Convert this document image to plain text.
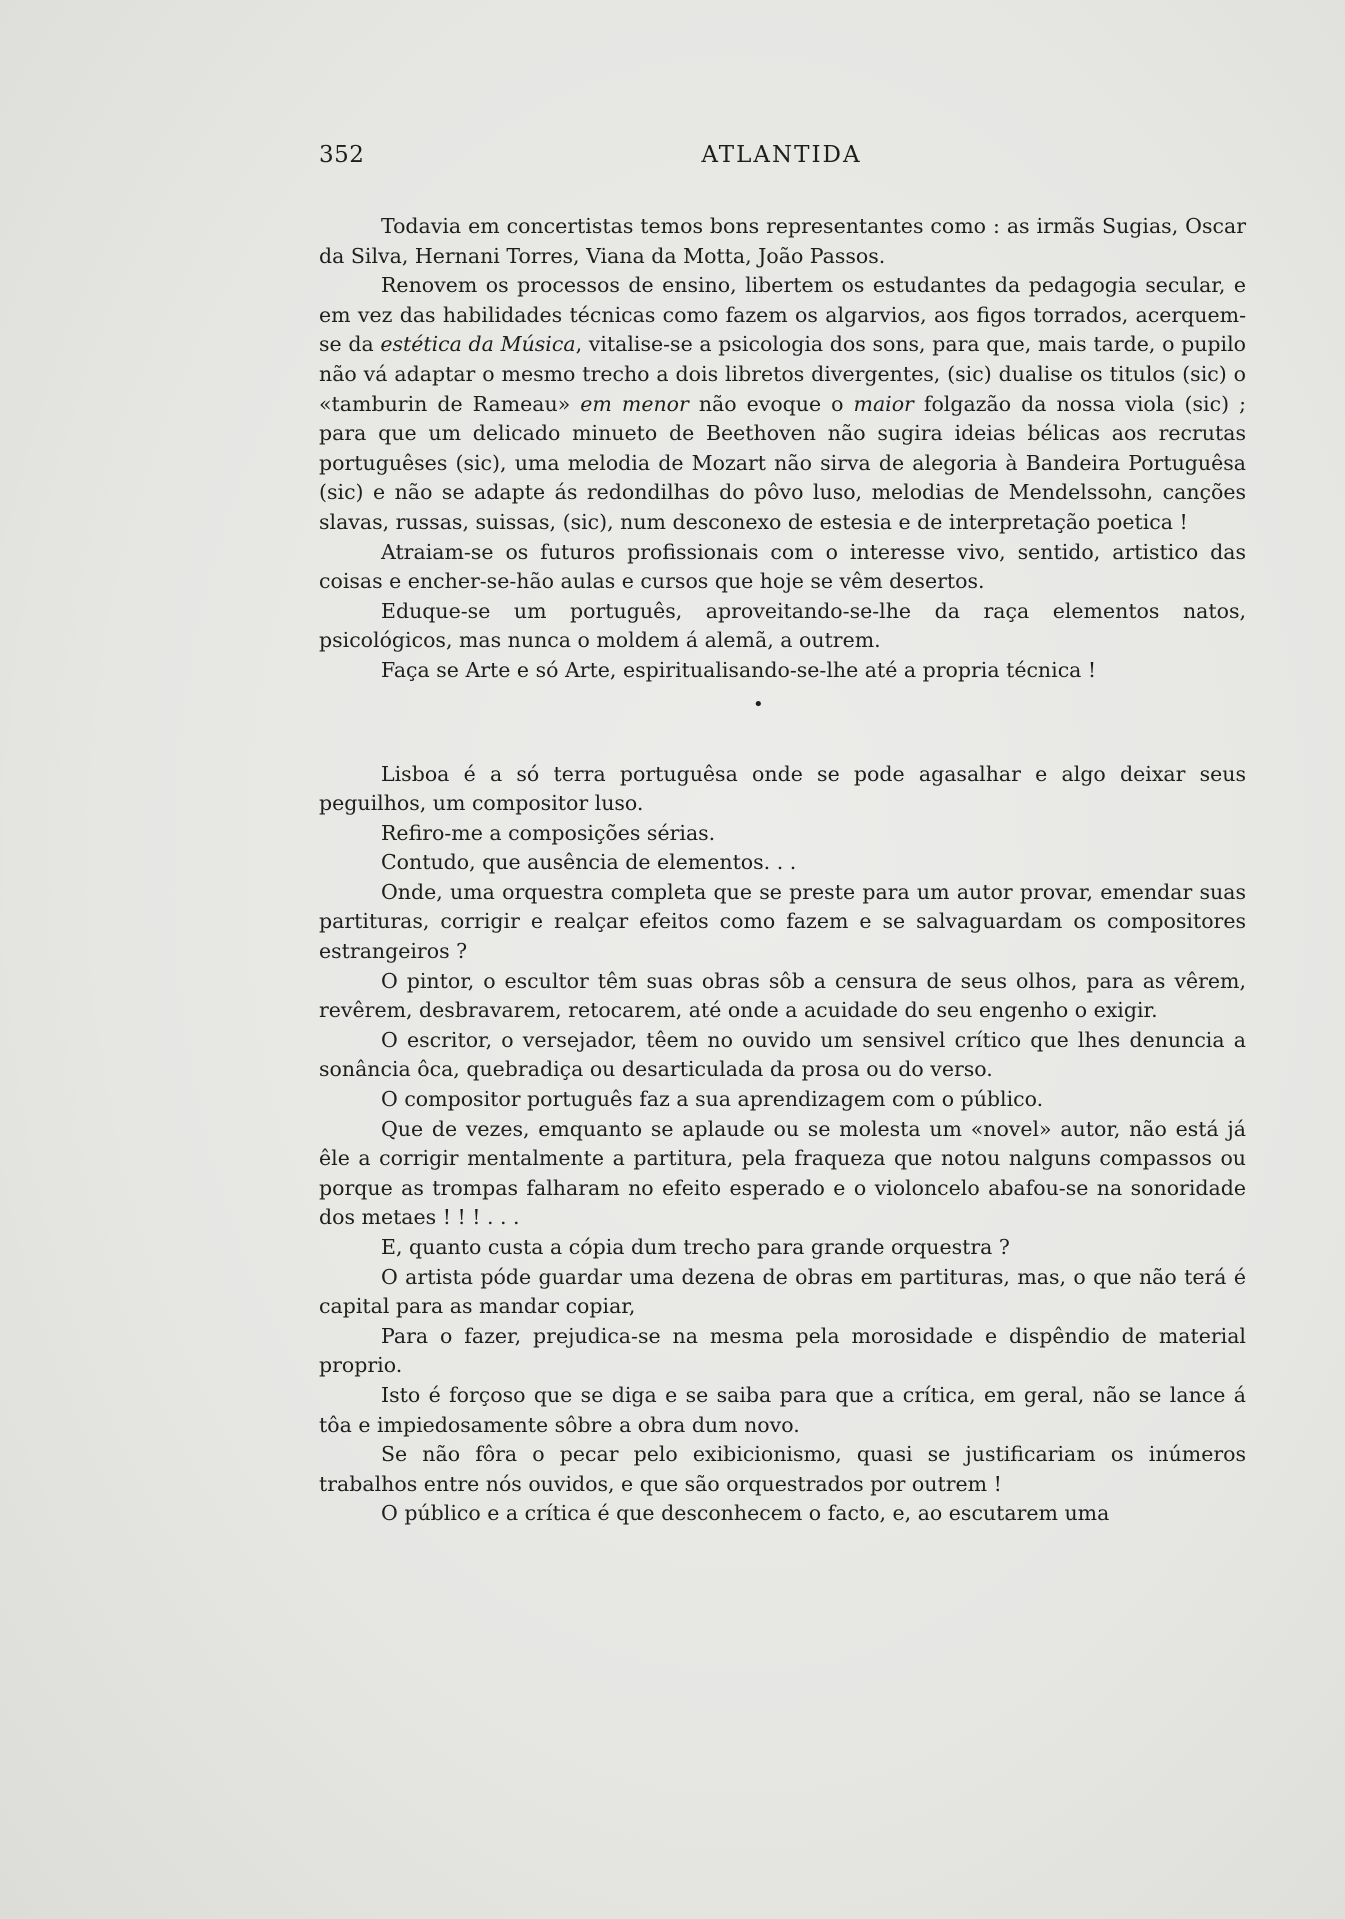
352	ATLANTIDA

Todavia em concertistas temos bons representantes como : as irmãs Sugias, Oscar da Silva, Hernani Torres, Viana da Motta, João Passos.

Renovem os processos de ensino, libertem os estudantes da pedagogia secular, e em vez das habilidades técnicas como fazem os algarvios, aos figos torrados, acerquem-se da estética da Música, vitalise-se a psicologia dos sons, para que, mais tarde, o pupilo não vá adaptar o mesmo trecho a dois libretos divergentes, (sic) dualise os titulos (sic) o «tamburin de Rameau» em menor não evoque o maior folgazão da nossa viola (sic) ; para que um delicado minueto de Beethoven não sugira ideias bélicas aos recrutas portuguêses (sic), uma melodia de Mozart não sirva de alegoria à Bandeira Portuguêsa (sic) e não se adapte ás redondilhas do pôvo luso, melodias de Mendelssohn, canções slavas, russas, suissas, (sic), num desconexo de estesia e de interpretação poetica !

Atraiam-se os futuros profissionais com o interesse vivo, sentido, artistico das coisas e encher-se-hão aulas e cursos que hoje se vêm desertos.

Eduque-se um português, aproveitando-se-lhe da raça elementos natos, psicológicos, mas nunca o moldem á alemã, a outrem.

Faça se Arte e só Arte, espiritualisando-se-lhe até a propria técnica !

•

Lisboa é a só terra portuguêsa onde se pode agasalhar e algo deixar seus peguilhos, um compositor luso.

Refiro-me a composições sérias.

Contudo, que ausência de elementos. . .

Onde, uma orquestra completa que se preste para um autor provar, emendar suas partituras, corrigir e realçar efeitos como fazem e se salvaguardam os compositores estrangeiros ?

O pintor, o escultor têm suas obras sôb a censura de seus olhos, para as vêrem, revêrem, desbravarem, retocarem, até onde a acuidade do seu engenho o exigir.

O escritor, o versejador, têem no ouvido um sensivel crítico que lhes denuncia a sonância ôca, quebradiça ou desarticulada da prosa ou do verso.

O compositor português faz a sua aprendizagem com o público.

Que de vezes, emquanto se aplaude ou se molesta um «novel» autor, não está já êle a corrigir mentalmente a partitura, pela fraqueza que notou nalguns compassos ou porque as trompas falharam no efeito esperado e o violoncelo abafou-se na sonoridade dos metaes ! ! ! . . .

E, quanto custa a cópia dum trecho para grande orquestra ?

O artista póde guardar uma dezena de obras em partituras, mas, o que não terá é capital para as mandar copiar,

Para o fazer, prejudica-se na mesma pela morosidade e dispêndio de material proprio.

Isto é forçoso que se diga e se saiba para que a crítica, em geral, não se lance á tôa e impiedosamente sôbre a obra dum novo.

Se não fôra o pecar pelo exibicionismo, quasi se justificariam os inúmeros trabalhos entre nós ouvidos, e que são orquestrados por outrem !

O público e a crítica é que desconhecem o facto, e, ao escutarem uma
